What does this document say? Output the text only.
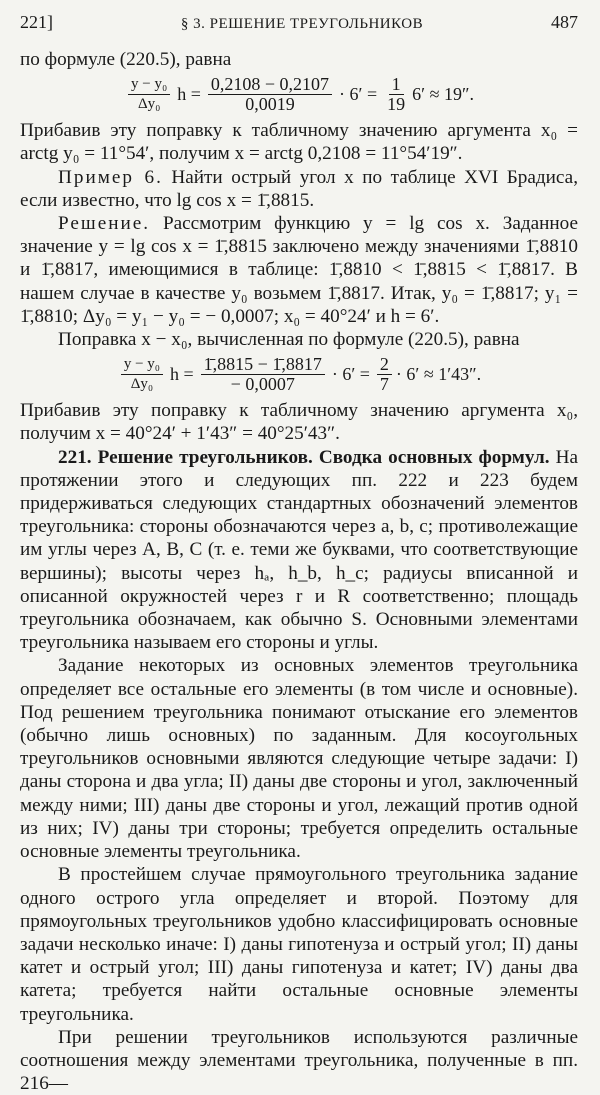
221]	§ 3. РЕШЕНИЕ ТРЕУГОЛЬНИКОВ	487

по формуле (220.5), равна

$\frac{\text{y − y₀}}{\text{Δy₀}}$ $h = \frac{0,2108 - 0,2107}{0,0019} \cdot 6' = \frac{1}{19} 6' \approx 19''$.

Прибавив эту поправку к табличному значению аргумента x₀ = arctg y₀ = 11°54′, получим x = arctg 0,2108 = 11°54′19″.

Пример 6. Найти острый угол x по таблице XVI Брадиса, если известно, что lg cos x = 1̄,8815.

Решение. Рассмотрим функцию y = lg cos x. Заданное значение y = lg cos x = 1̄,8815 заключено между значениями 1̄,8810 и 1̄,8817, имеющимися в таблице: 1̄,8810 < 1̄,8815 < 1̄,8817. В нашем случае в качестве y₀ возьмем 1̄,8817. Итак, y₀ = 1̄,8817; y₁ = 1̄,8810; Δy₀ = y₁ − y₀ = − 0,0007; x₀ = 40°24′ и h = 6′.

Поправка x − x₀, вычисленная по формуле (220.5), равна

$\frac{\text{y − y₀}}{\text{Δy₀}}$ $h = \frac{1̄,8815 - 1̄,8817}{- 0,0007} \cdot 6' = \frac{2}{7} \cdot 6' \approx 1'43''$.

Прибавив эту поправку к табличному значению аргумента x₀, получим x = 40°24′ + 1′43″ = 40°25′43″.

221. Решение треугольников. Сводка основных формул. На протяжении этого и следующих пп. 222 и 223 будем придерживаться следующих стандартных обозначений элементов треугольника: стороны обозначаются через a, b, c; противолежащие им углы через A, B, C (т. е. теми же буквами, что соответствующие вершины); высоты через hₐ, h_b, h_c; радиусы вписанной и описанной окружностей через r и R соответственно; площадь треугольника обозначаем, как обычно S. Основными элементами треугольника называем его стороны и углы.

Задание некоторых из основных элементов треугольника определяет все остальные его элементы (в том числе и основные). Под решением треугольника понимают отыскание его элементов (обычно лишь основных) по заданным. Для косоугольных треугольников основными являются следующие четыре задачи: I) даны сторона и два угла; II) даны две стороны и угол, заключенный между ними; III) даны две стороны и угол, лежащий против одной из них; IV) даны три стороны; требуется определить остальные основные элементы треугольника.

В простейшем случае прямоугольного треугольника задание одного острого угла определяет и второй. Поэтому для прямоугольных треугольников удобно классифицировать основные задачи несколько иначе: I) даны гипотенуза и острый угол; II) даны катет и острый угол; III) даны гипотенуза и катет; IV) даны два катета; требуется найти остальные основные элементы треугольника.

При решении треугольников используются различные соотношения между элементами треугольника, полученные в пп. 216—
